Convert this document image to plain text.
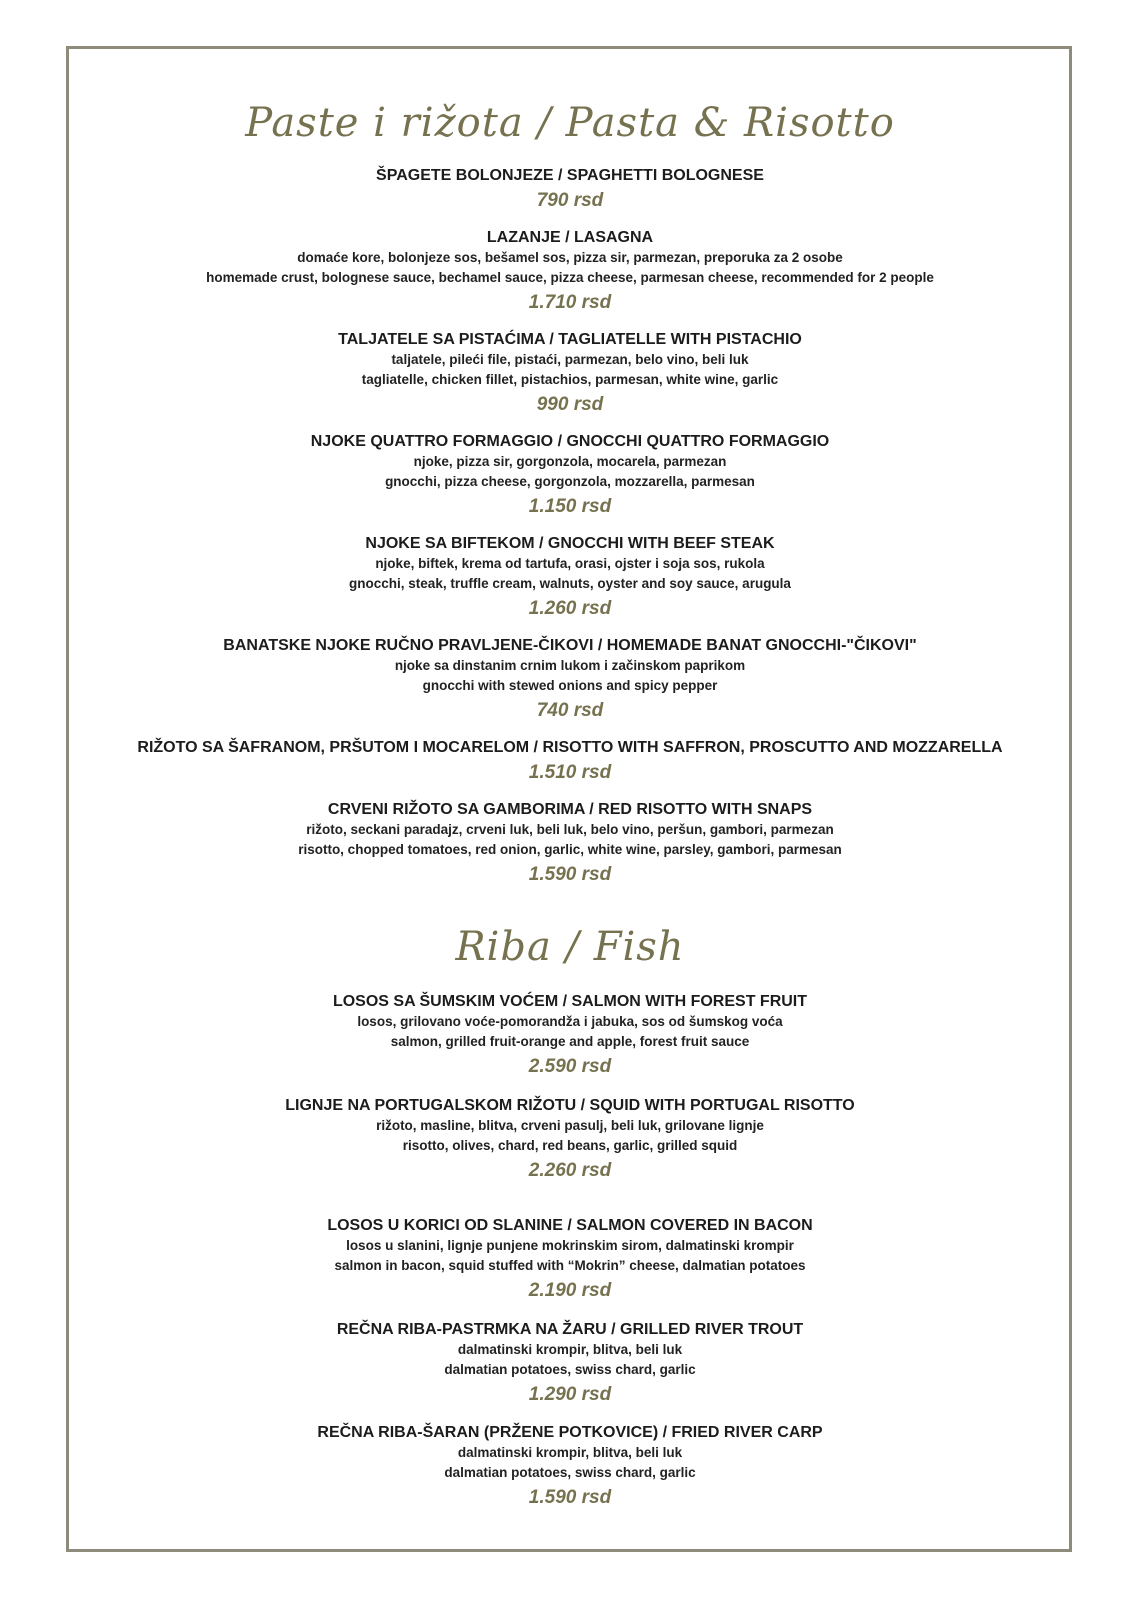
Paste i rižota / Pasta & Risotto
ŠPAGETE BOLONJEZE / SPAGHETTI BOLOGNESE
790 rsd
LAZANJE / LASAGNA
domaće kore, bolonjeze sos, bešamel sos, pizza sir, parmezan, preporuka za 2 osobe
homemade crust, bolognese sauce, bechamel sauce, pizza cheese, parmesan cheese, recommended for 2 people
1.710 rsd
TALJATELE SA PISTAĆIMA / TAGLIATELLE WITH PISTACHIO
taljatele, pileći file, pistaći, parmezan, belo vino, beli luk
tagliatelle, chicken fillet, pistachios, parmesan, white wine, garlic
990 rsd
NJOKE QUATTRO FORMAGGIO / GNOCCHI QUATTRO FORMAGGIO
njoke, pizza sir, gorgonzola, mocarela, parmezan
gnocchi, pizza cheese, gorgonzola, mozzarella, parmesan
1.150 rsd
NJOKE SA BIFTEKOM / GNOCCHI WITH BEEF STEAK
njoke, biftek, krema od tartufa, orasi, ojster i soja sos, rukola
gnocchi, steak, truffle cream, walnuts, oyster and soy sauce, arugula
1.260 rsd
BANATSKE NJOKE RUČNO PRAVLJENE-ČIKOVI / HOMEMADE BANAT GNOCCHI-"ČIKOVI"
njoke sa dinstanim crnim lukom i začinskom paprikom
gnocchi with stewed onions and spicy pepper
740 rsd
RIŽOTO SA ŠAFRANOM, PRŠUTOM I MOCARELOM / RISOTTO WITH SAFFRON, PROSCUTTO AND MOZZARELLA
1.510 rsd
CRVENI RIŽOTO SA GAMBORIMA / RED RISOTTO WITH SNAPS
rižoto, seckani paradajz, crveni luk, beli luk, belo vino, peršun, gambori, parmezan
risotto, chopped tomatoes, red onion, garlic, white wine, parsley, gambori, parmesan
1.590 rsd
Riba / Fish
LOSOS SA ŠUMSKIM VOĆEM / SALMON WITH FOREST FRUIT
losos, grilovano voće-pomorandža i jabuka, sos od šumskog voća
salmon, grilled fruit-orange and apple, forest fruit sauce
2.590 rsd
LIGNJE NA PORTUGALSKOM RIŽOTU / SQUID WITH PORTUGAL RISOTTO
rižoto, masline, blitva, crveni pasulj, beli luk, grilovane lignje
risotto, olives, chard, red beans, garlic, grilled squid
2.260 rsd
LOSOS U KORICI OD SLANINE / SALMON COVERED IN BACON
losos u slanini, lignje punjene mokrinskim sirom, dalmatinski krompir
salmon in bacon, squid stuffed with “Mokrin” cheese, dalmatian potatoes
2.190 rsd
REČNA RIBA-PASTRMKA NA ŽARU / GRILLED RIVER TROUT
dalmatinski krompir, blitva, beli luk
dalmatian potatoes, swiss chard, garlic
1.290 rsd
REČNA RIBA-ŠARAN (PRŽENE POTKOVICE) / FRIED RIVER CARP
dalmatinski krompir, blitva, beli luk
dalmatian potatoes, swiss chard, garlic
1.590 rsd
